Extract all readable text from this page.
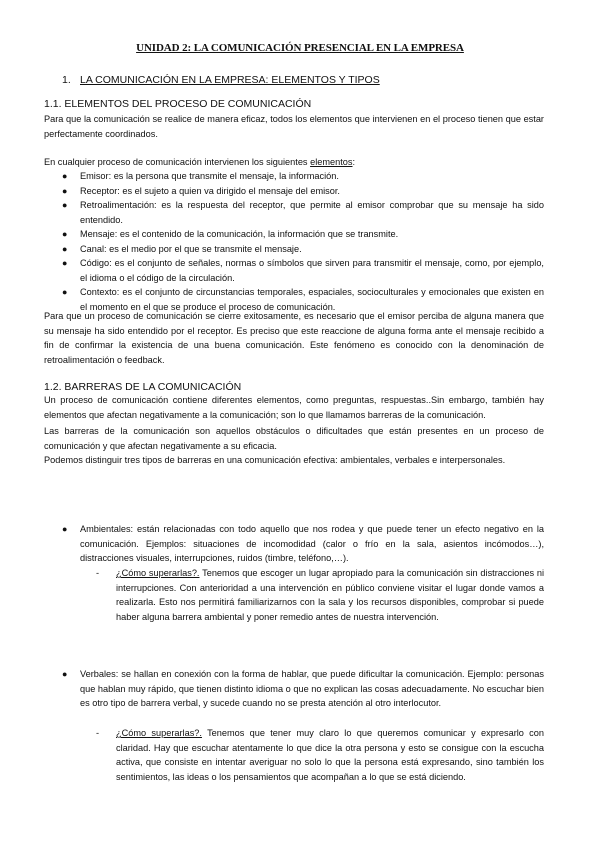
UNIDAD 2: LA COMUNICACIÓN PRESENCIAL EN LA EMPRESA
1. LA COMUNICACIÓN EN LA EMPRESA: ELEMENTOS Y TIPOS
1.1. ELEMENTOS DEL PROCESO DE COMUNICACIÓN
Para que la comunicación se realice de manera eficaz, todos los elementos que intervienen en el proceso tienen que estar perfectamente coordinados.
En cualquier proceso de comunicación intervienen los siguientes elementos:
● Emisor: es la persona que transmite el mensaje, la información.
● Receptor: es el sujeto a quien va dirigido el mensaje del emisor.
● Retroalimentación: es la respuesta del receptor, que permite al emisor comprobar que su mensaje ha sido entendido.
● Mensaje: es el contenido de la comunicación, la información que se transmite.
● Canal: es el medio por el que se transmite el mensaje.
● Código: es el conjunto de señales, normas o símbolos que sirven para transmitir el mensaje, como, por ejemplo, el idioma o el código de la circulación.
● Contexto: es el conjunto de circunstancias temporales, espaciales, socioculturales y emocionales que existen en el momento en el que se produce el proceso de comunicación.
Para que un proceso de comunicación se cierre exitosamente, es necesario que el emisor perciba de alguna manera que su mensaje ha sido entendido por el receptor. Es preciso que este reaccione de alguna forma ante el mensaje recibido a fin de confirmar la existencia de una buena comunicación. Este fenómeno es conocido con la denominación de retroalimentación o feedback.
1.2. BARRERAS DE LA COMUNICACIÓN
Un proceso de comunicación contiene diferentes elementos, como preguntas, respuestas..Sin embargo, también hay elementos que afectan negativamente a la comunicación; son lo que llamamos barreras de la comunicación.
Las barreras de la comunicación son aquellos obstáculos o dificultades que están presentes en un proceso de comunicación y que afectan negativamente a su eficacia.
Podemos distinguir tres tipos de barreras en una comunicación efectiva: ambientales, verbales e interpersonales.
● Ambientales: están relacionadas con todo aquello que nos rodea y que puede tener un efecto negativo en la comunicación. Ejemplos: situaciones de incomodidad (calor o frío en la sala, asientos incómodos…), distracciones visuales, interrupciones, ruidos (timbre, teléfono,…).
- ¿Cómo superarlas?. Tenemos que escoger un lugar apropiado para la comunicación sin distracciones ni interrupciones. Con anterioridad a una intervención en público conviene visitar el lugar donde vamos a realizarla. Esto nos permitirá familiarizarnos con la sala y los recursos disponibles, comprobar si puede haber alguna barrera ambiental y poner remedio antes de nuestra intervención.
● Verbales: se hallan en conexión con la forma de hablar, que puede dificultar la comunicación. Ejemplo: personas que hablan muy rápido, que tienen distinto idioma o que no explican las cosas adecuadamente. No escuchar bien es otro tipo de barrera verbal, y sucede cuando no se presta atención al otro interlocutor.
- ¿Cómo superarlas?. Tenemos que tener muy claro lo que queremos comunicar y expresarlo con claridad. Hay que escuchar atentamente lo que dice la otra persona y esto se consigue con la escucha activa, que consiste en intentar averiguar no solo lo que la persona está expresando, sino también los sentimientos, las ideas o los pensamientos que acompañan a lo que se está diciendo.
